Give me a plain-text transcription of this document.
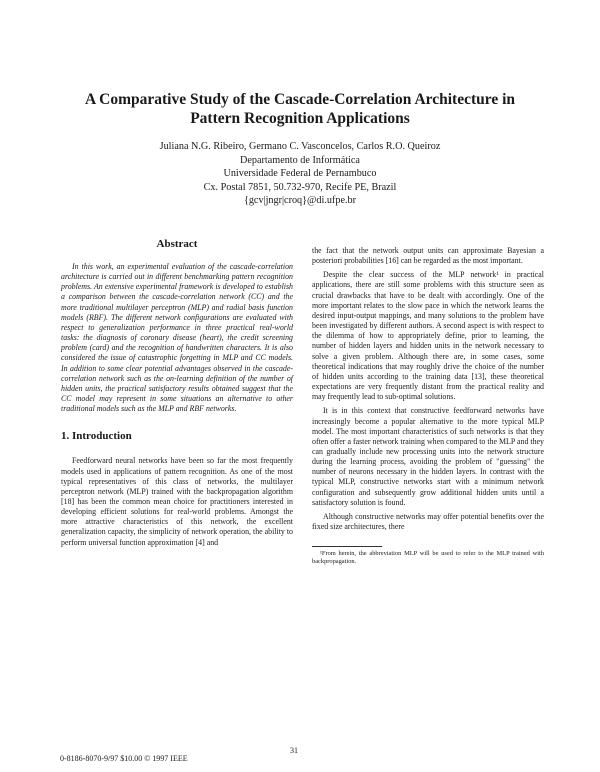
A Comparative Study of the Cascade-Correlation Architecture in Pattern Recognition Applications
Juliana N.G. Ribeiro, Germano C. Vasconcelos, Carlos R.O. Queiroz
Departamento de Informática
Universidade Federal de Pernambuco
Cx. Postal 7851, 50.732-970, Recife PE, Brazil
{gcv|jngr|croq}@di.ufpe.br
Abstract

In this work, an experimental evaluation of the cascade-correlation architecture is carried out in different benchmarking pattern recognition problems. An extensive experimental framework is developed to establish a comparison between the cascade-correlation network (CC) and the more traditional multilayer perceptron (MLP) and radial basis function models (RBF). The different network configurations are evaluated with respect to generalization performance in three practical real-world tasks: the diagnosis of coronary disease (heart), the credit screening problem (card) and the recognition of handwritten characters. It is also considered the issue of catastrophic forgetting in MLP and CC models. In addition to some clear potential advantages observed in the cascade-correlation network such as the on-learning definition of the number of hidden units, the practical satisfactory results obtained suggest that the CC model may represent in some situations an alternative to other traditional models such as the MLP and RBF networks.

1. Introduction

Feedforward neural networks have been so far the most frequently models used in applications of pattern recognition. As one of the most typical representatives of this class of networks, the multilayer perceptron network (MLP) trained with the backpropagation algorithm [18] has been the common mean choice for practitioners interested in developing efficient solutions for real-world problems. Amongst the more attractive characteristics of this network, the excellent generalization capacity, the simplicity of network operation, the ability to perform universal function approximation [4] and

the fact that the network output units can approximate Bayesian a posteriori probabilities [16] can be regarded as the most important.

Despite the clear success of the MLP network¹ in practical applications, there are still some problems with this structure seen as crucial drawbacks that have to be dealt with accordingly. One of the more important relates to the slow pace in which the network learns the desired input-output mappings, and many solutions to the problem have been investigated by different authors. A second aspect is with respect to the dilemma of how to appropriately define, prior to learning, the number of hidden layers and hidden units in the network necessary to solve a given problem. Although there are, in some cases, some theoretical indications that may roughly drive the choice of the number of hidden units according to the training data [13], these theoretical expectations are very frequently distant from the practical reality and may frequently lead to sub-optimal solutions.

It is in this context that constructive feedforward networks have increasingly become a popular alternative to the more typical MLP model. The most important characteristics of such networks is that they often offer a faster network training when compared to the MLP and they can gradually include new processing units into the network structure during the learning process, avoiding the problem of "guessing" the number of neurons necessary in the hidden layers. In contrast with the typical MLP, constructive networks start with a minimum network configuration and subsequently grow additional hidden units until a satisfactory solution is found.

Although constructive networks may offer potential benefits over the fixed size architectures, there

¹From herein, the abbreviation MLP will be used to refer to the MLP trained with backpropagation.

31
0-8186-8070-9/97 $10.00 © 1997 IEEE
